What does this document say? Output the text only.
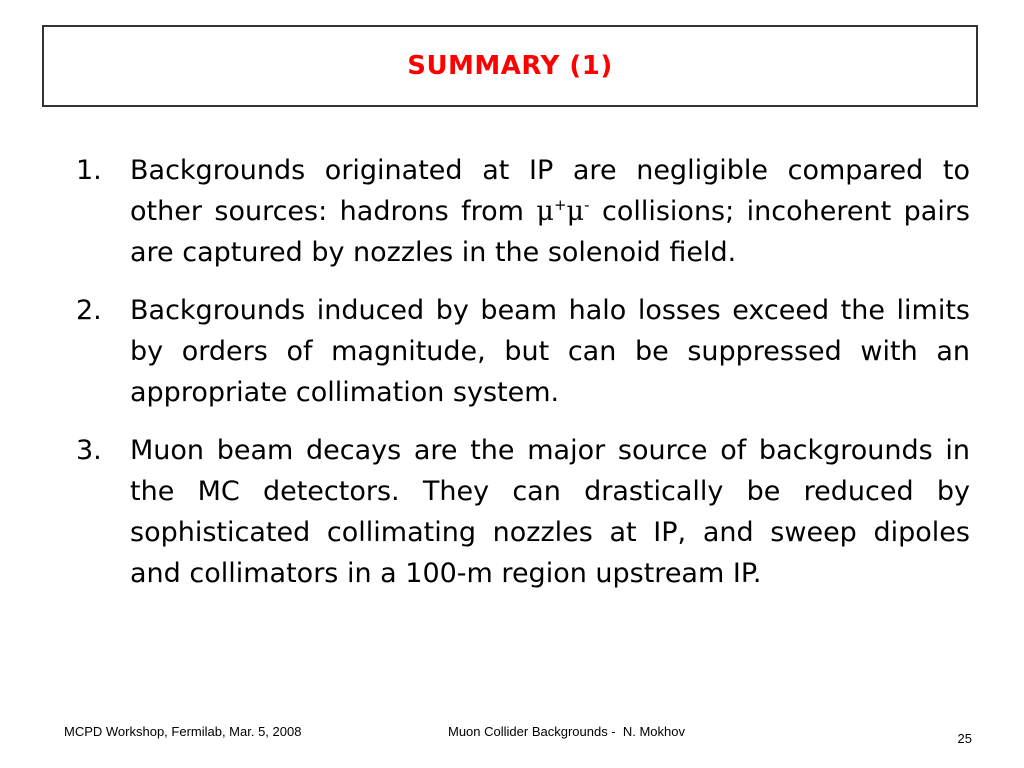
SUMMARY (1)
1.	Backgrounds originated at IP are negligible compared to other sources: hadrons from μ+μ- collisions; incoherent pairs are captured by nozzles in the solenoid field.
2.	Backgrounds induced by beam halo losses exceed the limits by orders of magnitude, but can be suppressed with an appropriate collimation system.
3.	Muon beam decays are the major source of backgrounds in the MC detectors. They can drastically be reduced by sophisticated collimating nozzles at IP, and sweep dipoles and collimators in a 100-m region upstream IP.
MCPD Workshop, Fermilab, Mar. 5, 2008	Muon Collider Backgrounds -  N. Mokhov	25
